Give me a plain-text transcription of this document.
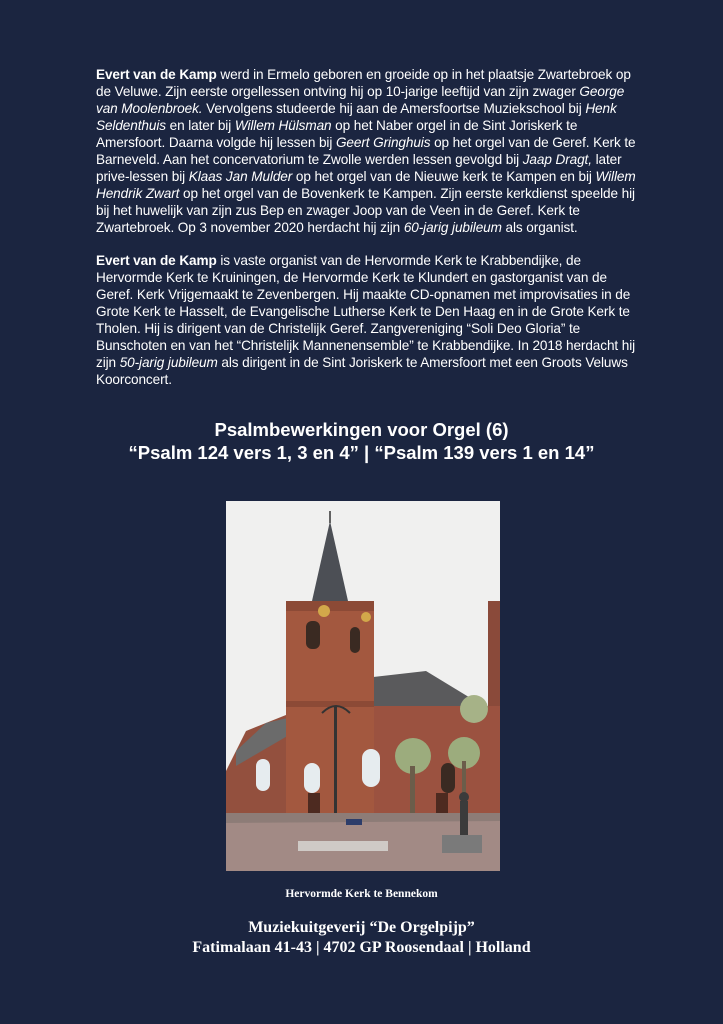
Evert van de Kamp werd in Ermelo geboren en groeide op in het plaatsje Zwartebroek op de Veluwe. Zijn eerste orgellessen ontving hij op 10-jarige leeftijd van zijn zwager George van Moolenbroek. Vervolgens studeerde hij aan de Amersfoortse Muziekschool bij Henk Seldenthuis en later bij Willem Hülsman op het Naber orgel in de Sint Joriskerk te Amersfoort. Daarna volgde hij lessen bij Geert Gringhuis op het orgel van de Geref. Kerk te Barneveld. Aan het concervatorium te Zwolle werden lessen gevolgd bij Jaap Dragt, later prive-lessen bij Klaas Jan Mulder op het orgel van de Nieuwe kerk te Kampen en bij Willem Hendrik Zwart op het orgel van de Bovenkerk te Kampen. Zijn eerste kerkdienst speelde hij bij het huwelijk van zijn zus Bep en zwager Joop van de Veen in de Geref. Kerk te Zwartebroek. Op 3 november 2020 herdacht hij zijn 60-jarig jubileum als organist.

Evert van de Kamp is vaste organist van de Hervormde Kerk te Krabbendijke, de Hervormde Kerk te Kruiningen, de Hervormde Kerk te Klundert en gastorganist van de Geref. Kerk Vrijgemaakt te Zevenbergen. Hij maakte CD-opnamen met improvisaties in de Grote Kerk te Hasselt, de Evangelische Lutherse Kerk te Den Haag en in de Grote Kerk te Tholen. Hij is dirigent van de Christelijk Geref. Zangvereniging “Soli Deo Gloria” te Bunschoten en van het “Christelijk Mannenensemble” te Krabbendijke. In 2018 herdacht hij zijn 50-jarig jubileum als dirigent in de Sint Joriskerk te Amersfoort met een Groots Veluws Koorconcert.

Psalmbewerkingen voor Orgel (6)
“Psalm 124 vers 1, 3 en 4” | “Psalm 139 vers 1 en 14”
Hervormde Kerk te Bennekom
Muziekuitgeverij “De Orgelpijp”
Fatimalaan 41-43 | 4702 GP Roosendaal | Holland
